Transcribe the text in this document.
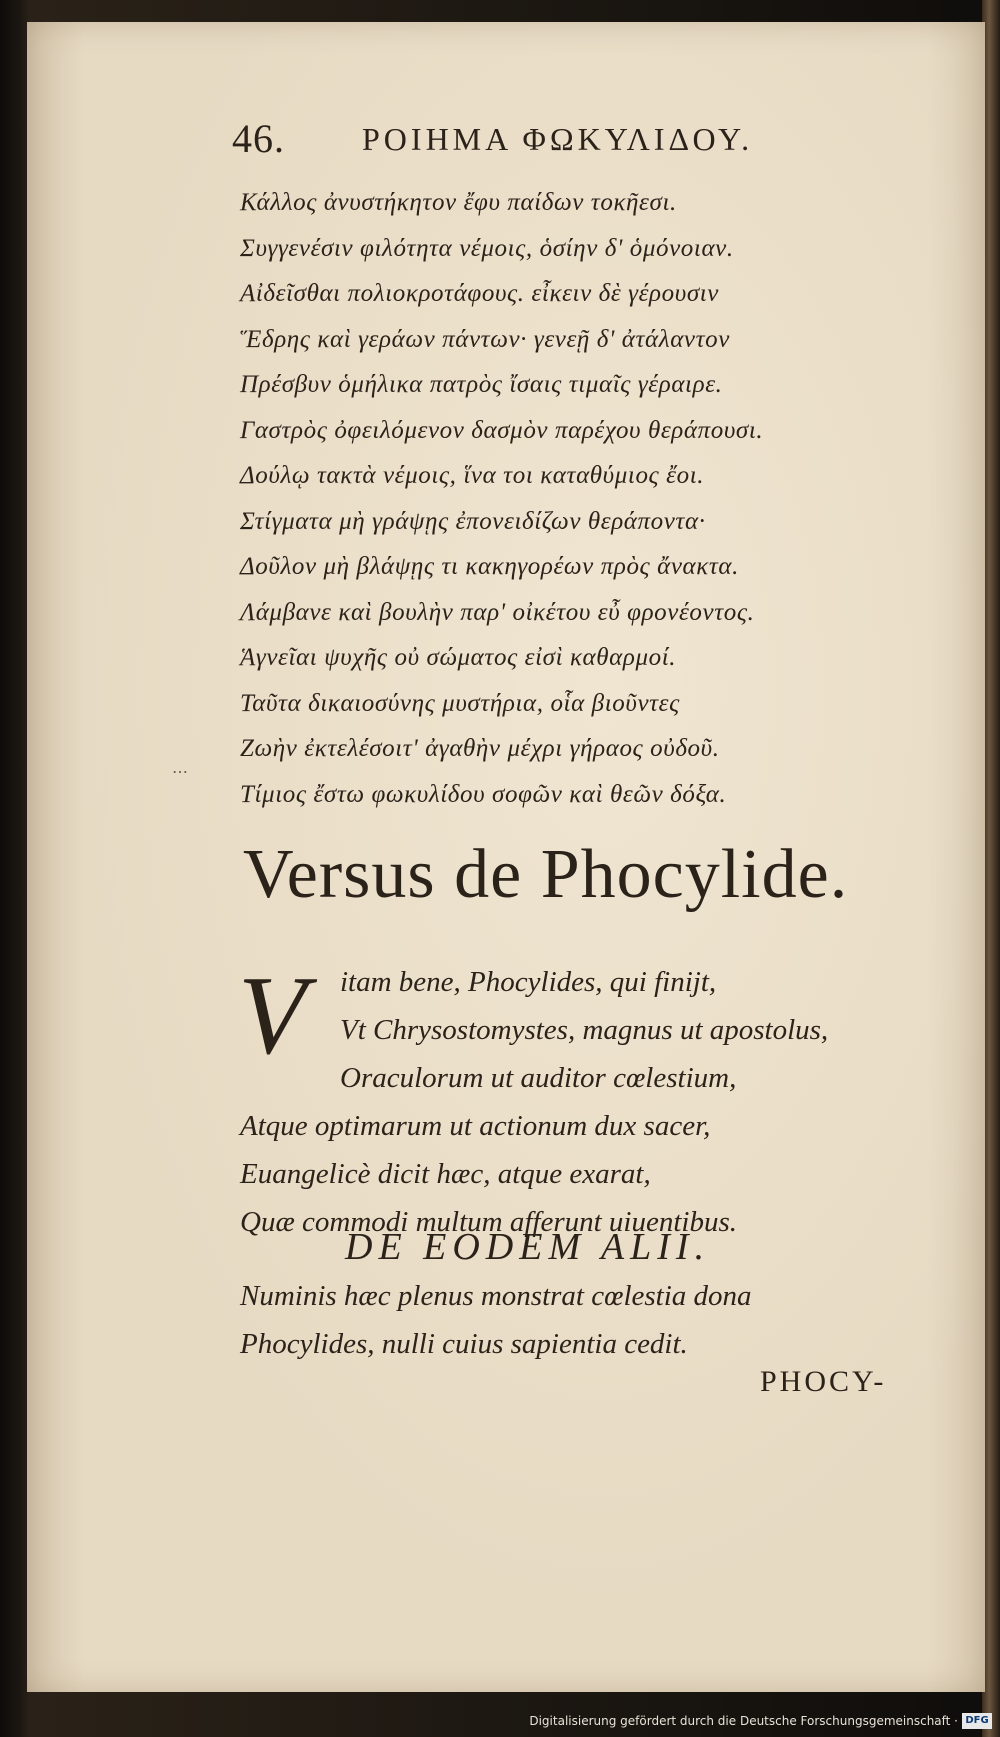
46. ΡΟΙΗΜΑ ΦΩΚΥΛΙΔΟΥ.
Κάλλος ἀνυστήκητον ἔφυ παίδων τοκῆεσι.
Συγγενέσιν φιλότητα νέμοις, ὁσίην δ' ὁμόνοιαν.
Αἰδεῖσθαι πολιοκροτάφους. εἶκειν δὲ γέρουσιν
Ἕδρης καὶ γεράων πάντων· γενεῇ δ' ἀτάλαντον
Πρέσβυν ὁμήλικα πατρὸς ἴσαις τιμαῖς γέραιρε.
Γαστρὸς ὀφειλόμενον δασμὸν παρέχου θεράπουσι.
Δούλῳ τακτὰ νέμοις, ἵνα τοι καταθύμιος ἔοι.
Στίγματα μὴ γράψῃς ἐπονειδίζων θεράποντα·
Δοῦλον μὴ βλάψῃς τι κακηγορέων πρὸς ἄνακτα.
Λάμβανε καὶ βουλὴν παρ' οἰκέτου εὖ φρονέοντος.
Ἁγνεῖαι ψυχῆς οὐ σώματος εἰσὶ καθαρμοί.
Ταῦτα δικαιοσύνης μυστήρια, οἷα βιοῦντες
Ζωὴν ἐκτελέσοιτ' ἀγαθὴν μέχρι γήραος οὐδοῦ.
Τίμιος ἔστω φωκυλίδου σοφῶν καὶ θεῶν δόξα.
⋯
Versus de Phocylide.
V	itam bene, Phocylides, qui finijt,
Vt Chrysostomystes, magnus ut apostolus,
Oraculorum ut auditor cœlestium,
Atque optimarum ut actionum dux sacer,
Euangelicè dicit hæc, atque exarat,
Quæ commodi multum afferunt uiuentibus.
DE EODEM ALII.
Numinis hæc plenus monstrat cœlestia dona
Phocylides, nulli cuius sapientia cedit.
PHOCY-
Digitalisierung gefördert durch die Deutsche Forschungsgemeinschaft · DFG
